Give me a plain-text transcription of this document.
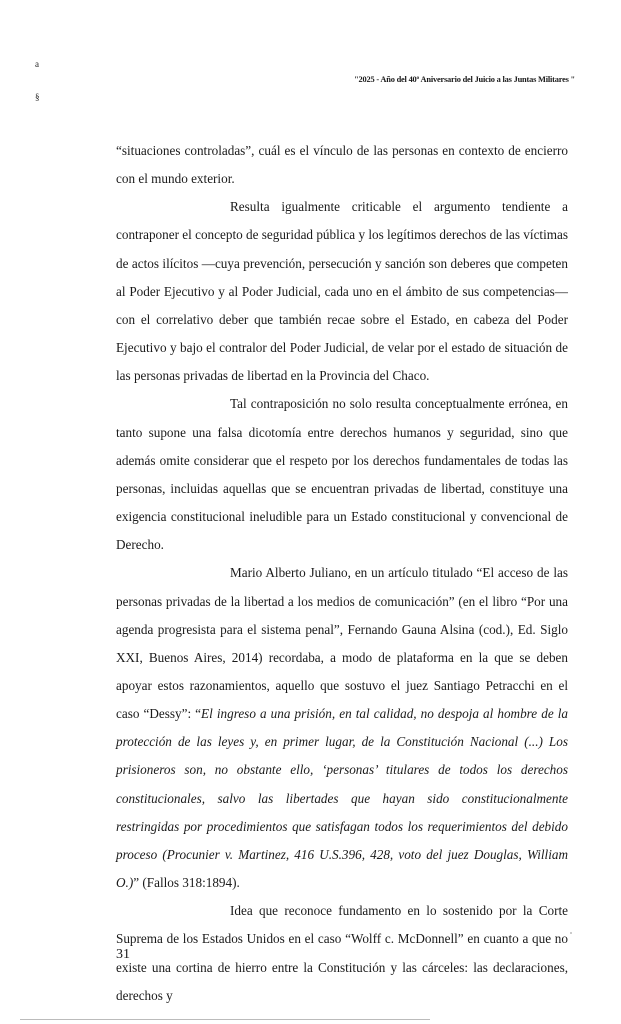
a
§
"2025 - Año del 40º Aniversario del Juicio a las Juntas Militares "

“situaciones controladas”, cuál es el vínculo de las personas en contexto de encierro con el mundo exterior.

Resulta igualmente criticable el argumento tendiente a contraponer el concepto de seguridad pública y los legítimos derechos de las víctimas de actos ilícitos —cuya prevención, persecución y sanción son deberes que competen al Poder Ejecutivo y al Poder Judicial, cada uno en el ámbito de sus competencias— con el correlativo deber que también recae sobre el Estado, en cabeza del Poder Ejecutivo y bajo el contralor del Poder Judicial, de velar por el estado de situación de las personas privadas de libertad en la Provincia del Chaco.

Tal contraposición no solo resulta conceptualmente errónea, en tanto supone una falsa dicotomía entre derechos humanos y seguridad, sino que además omite considerar que el respeto por los derechos fundamentales de todas las personas, incluidas aquellas que se encuentran privadas de libertad, constituye una exigencia constitucional ineludible para un Estado constitucional y convencional de Derecho.

Mario Alberto Juliano, en un artículo titulado “El acceso de las personas privadas de la libertad a los medios de comunicación” (en el libro “Por una agenda progresista para el sistema penal”, Fernando Gauna Alsina (cod.), Ed. Siglo XXI, Buenos Aires, 2014) recordaba, a modo de plataforma en la que se deben apoyar estos razonamientos, aquello que sostuvo el juez Santiago Petracchi en el caso “Dessy”: “El ingreso a una prisión, en tal calidad, no despoja al hombre de la protección de las leyes y, en primer lugar, de la Constitución Nacional (...) Los prisioneros son, no obstante ello, ‘personas’ titulares de todos los derechos constitucionales, salvo las libertades que hayan sido constitucionalmente restringidas por procedimientos que satisfagan todos los requerimientos del debido proceso (Procunier v. Martinez, 416 U.S.396, 428, voto del juez Douglas, William O.)” (Fallos 318:1894).

Idea que reconoce fundamento en lo sostenido por la Corte Suprema de los Estados Unidos en el caso “Wolff c. McDonnell” en cuanto a que no existe una cortina de hierro entre la Constitución y las cárceles: las declaraciones, derechos y

31
